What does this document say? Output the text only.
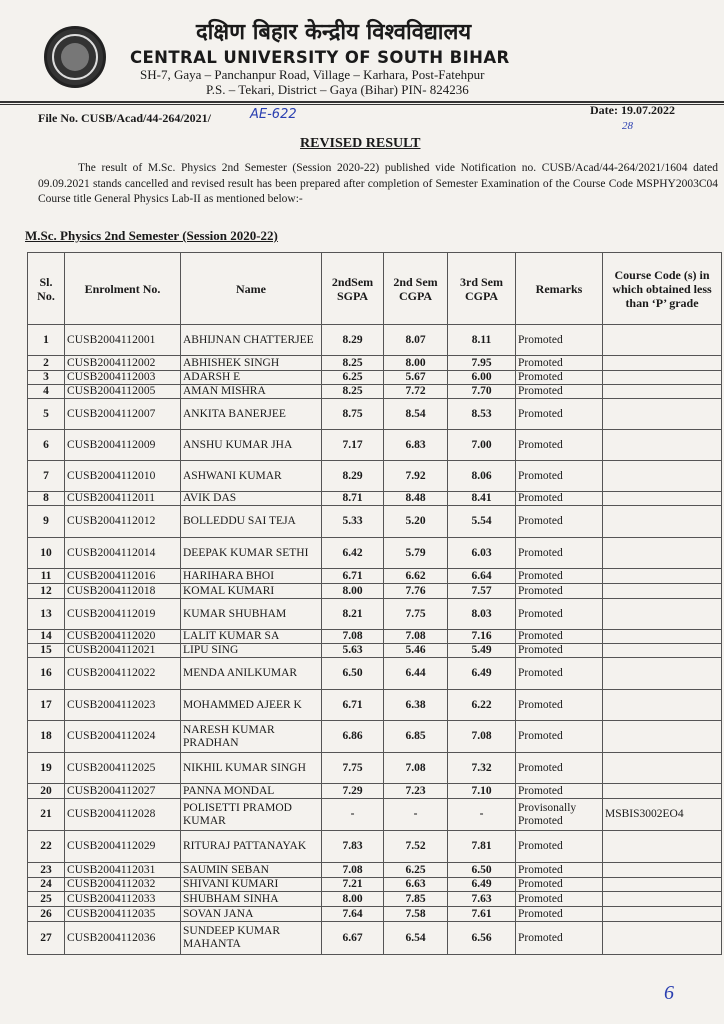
दक्षिण बिहार केन्द्रीय विश्वविद्यालय
CENTRAL UNIVERSITY OF SOUTH BIHAR
SH-7, Gaya – Panchanpur Road, Village – Karhara, Post-Fatehpur
P.S. – Tekari, District – Gaya (Bihar) PIN- 824236
File No. CUSB/Acad/44-264/2021/	AE-622	Date: 19.07.2022
28
REVISED RESULT
The result of M.Sc. Physics 2nd Semester (Session 2020-22) published vide Notification no. CUSB/Acad/44-264/2021/1604 dated 09.09.2021 stands cancelled and revised result has been prepared after completion of Semester Examination of the Course Code MSPHY2003C04 Course title General Physics Lab-II as mentioned below:-
M.Sc. Physics 2nd Semester (Session 2020-22)
Sl. No.	Enrolment No.	Name	2ndSem SGPA	2nd Sem CGPA	3rd Sem CGPA	Remarks	Course Code (s) in which obtained less than ‘P’ grade
1	CUSB2004112001	ABHIJNAN CHATTERJEE	8.29	8.07	8.11	Promoted	
2	CUSB2004112002	ABHISHEK SINGH	8.25	8.00	7.95	Promoted	
3	CUSB2004112003	ADARSH E	6.25	5.67	6.00	Promoted	
4	CUSB2004112005	AMAN MISHRA	8.25	7.72	7.70	Promoted	
5	CUSB2004112007	ANKITA BANERJEE	8.75	8.54	8.53	Promoted	
6	CUSB2004112009	ANSHU KUMAR JHA	7.17	6.83	7.00	Promoted	
7	CUSB2004112010	ASHWANI KUMAR	8.29	7.92	8.06	Promoted	
8	CUSB2004112011	AVIK DAS	8.71	8.48	8.41	Promoted	
9	CUSB2004112012	BOLLEDDU SAI TEJA	5.33	5.20	5.54	Promoted	
10	CUSB2004112014	DEEPAK KUMAR SETHI	6.42	5.79	6.03	Promoted	
11	CUSB2004112016	HARIHARA BHOI	6.71	6.62	6.64	Promoted	
12	CUSB2004112018	KOMAL KUMARI	8.00	7.76	7.57	Promoted	
13	CUSB2004112019	KUMAR SHUBHAM	8.21	7.75	8.03	Promoted	
14	CUSB2004112020	LALIT KUMAR SA	7.08	7.08	7.16	Promoted	
15	CUSB2004112021	LIPU SING	5.63	5.46	5.49	Promoted	
16	CUSB2004112022	MENDA ANILKUMAR	6.50	6.44	6.49	Promoted	
17	CUSB2004112023	MOHAMMED AJEER K	6.71	6.38	6.22	Promoted	
18	CUSB2004112024	NARESH KUMAR PRADHAN	6.86	6.85	7.08	Promoted	
19	CUSB2004112025	NIKHIL KUMAR SINGH	7.75	7.08	7.32	Promoted	
20	CUSB2004112027	PANNA MONDAL	7.29	7.23	7.10	Promoted	
21	CUSB2004112028	POLISETTI PRAMOD KUMAR	-	-	-	Provisonally Promoted	MSBIS3002EO4
22	CUSB2004112029	RITURAJ PATTANAYAK	7.83	7.52	7.81	Promoted	
23	CUSB2004112031	SAUMIN SEBAN	7.08	6.25	6.50	Promoted	
24	CUSB2004112032	SHIVANI KUMARI	7.21	6.63	6.49	Promoted	
25	CUSB2004112033	SHUBHAM SINHA	8.00	7.85	7.63	Promoted	
26	CUSB2004112035	SOVAN JANA	7.64	7.58	7.61	Promoted	
27	CUSB2004112036	SUNDEEP KUMAR MAHANTA	6.67	6.54	6.56	Promoted	
6
